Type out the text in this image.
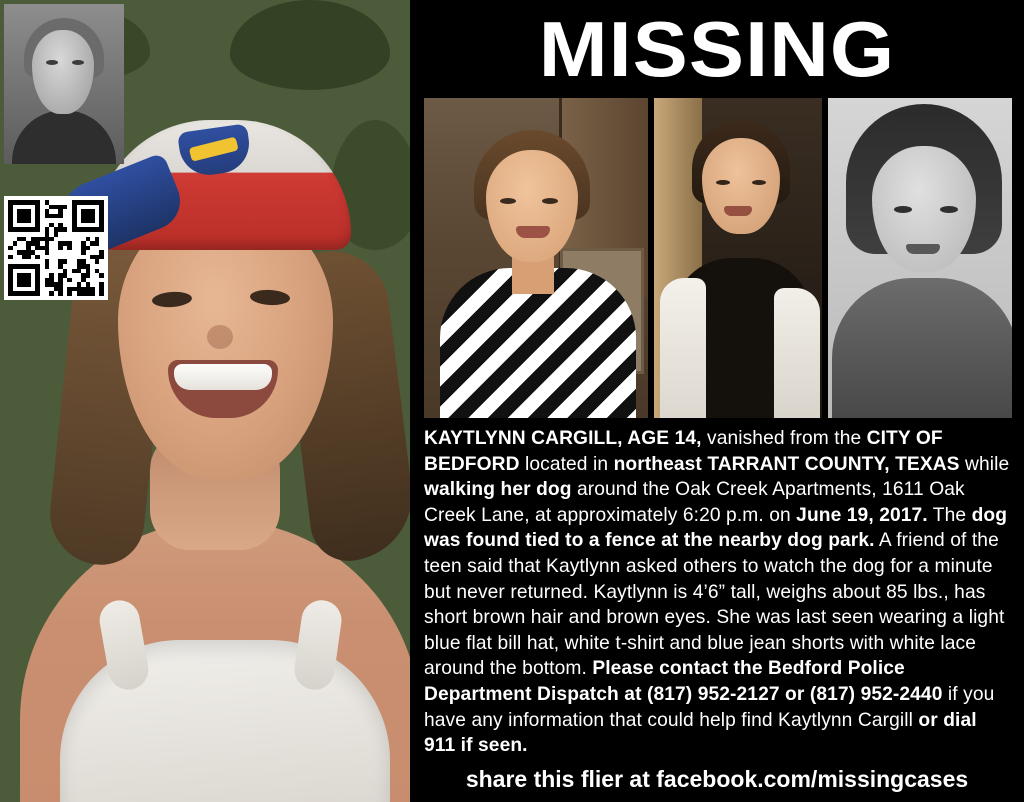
MISSING
KAYTLYNN CARGILL, AGE 14, vanished from the CITY OF BEDFORD located in northeast TARRANT COUNTY, TEXAS while walking her dog around the Oak Creek Apartments, 1611 Oak Creek Lane, at approximately 6:20 p.m. on June 19, 2017. The dog was found tied to a fence at the nearby dog park. A friend of the teen said that Kaytlynn asked others to watch the dog for a minute but never returned. Kaytlynn is 4’6” tall, weighs about 85 lbs., has short brown hair and brown eyes. She was last seen wearing a light blue flat bill hat, white t-shirt and blue jean shorts with white lace around the bottom. Please contact the Bedford Police Department Dispatch at (817) 952-2127 or (817) 952-2440 if you have any information that could help find Kaytlynn Cargill or dial 911 if seen.
share this flier at facebook.com/missingcases
